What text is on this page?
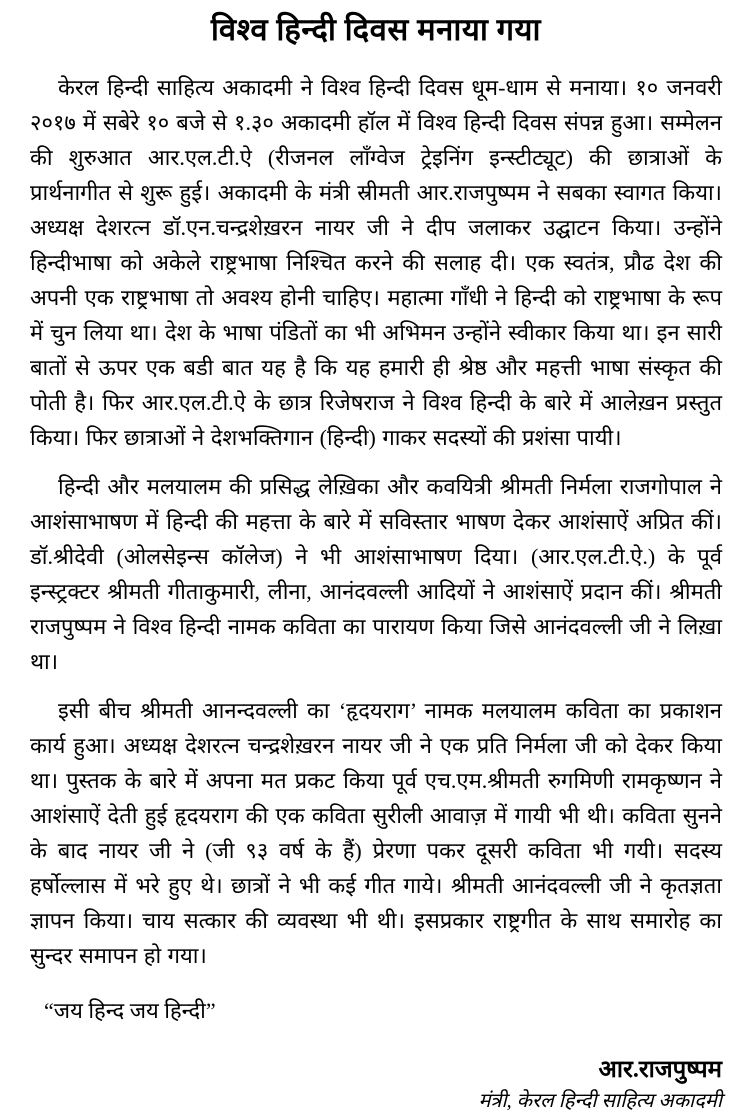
विश्व हिन्दी दिवस मनाया गया

केरल हिन्दी साहित्य अकादमी ने विश्व हिन्दी दिवस धूम-धाम से मनाया। १० जनवरी २०१७ में सबेरे १० बजे से १.३० अकादमी हॉल में विश्व हिन्दी दिवस संपन्न हुआ। सम्मेलन की शुरुआत आर.एल.टी.ऐ (रीजनल लाँग्वेज ट्रेइनिंग इन्स्टीट्यूट) की छात्राओं के प्रार्थनागीत से शुरू हुई। अकादमी के मंत्री स्रीमती आर.राजपुष्पम ने सबका स्वागत किया। अध्यक्ष देशरत्न डॉ.एन.चन्द्रशेख़रन नायर जी ने दीप जलाकर उद्घाटन किया। उन्होंने हिन्दीभाषा को अकेले राष्ट्रभाषा निश्चित करने की सलाह दी। एक स्वतंत्र, प्रौढ देश की अपनी एक राष्ट्रभाषा तो अवश्य होनी चाहिए। महात्मा गाँधी ने हिन्दी को राष्ट्रभाषा के रूप में चुन लिया था। देश के भाषा पंडितों का भी अभिमन उन्होंने स्वीकार किया था। इन सारी बातों से ऊपर एक बडी बात यह है कि यह हमारी ही श्रेष्ठ और महत्ती भाषा संस्कृत की पोती है। फिर आर.एल.टी.ऐ के छात्र रिजेषराज ने विश्व हिन्दी के बारे में आलेख़न प्रस्तुत किया। फिर छात्राओं ने देशभक्तिगान (हिन्दी) गाकर सदस्यों की प्रशंसा पायी।

हिन्दी और मलयालम की प्रसिद्ध लेख़िका और कवयित्री श्रीमती निर्मला राजगोपाल ने आशंसाभाषण में हिन्दी की महत्ता के बारे में सविस्तार भाषण देकर आशंसाऐं अप्रित कीं। डॉ.श्रीदेवी (ओलसेइन्स कॉलेज) ने भी आशंसाभाषण दिया। (आर.एल.टी.ऐ.) के पूर्व इन्स्ट्रक्टर श्रीमती गीताकुमारी, लीना, आनंदवल्ली आदियों ने आशंसाऐं प्रदान कीं। श्रीमती राजपुष्पम ने विश्व हिन्दी नामक कविता का पारायण किया जिसे आनंदवल्ली जी ने लिख़ा था।

इसी बीच श्रीमती आनन्दवल्ली का ‘हृदयराग’ नामक मलयालम कविता का प्रकाशन कार्य हुआ। अध्यक्ष देशरत्न चन्द्रशेख़रन नायर जी ने एक प्रति निर्मला जी को देकर किया था। पुस्तक के बारे में अपना मत प्रकट किया पूर्व एच.एम.श्रीमती रुगमिणी रामकृष्णन ने आशंसाऐं देती हुई हृदयराग की एक कविता सुरीली आवाज़ में गायी भी थी। कविता सुनने के बाद नायर जी ने (जी ९३ वर्ष के हैं) प्रेरणा पकर दूसरी कविता भी गयी। सदस्य हर्षोल्लास में भरे हुए थे। छात्रों ने भी कई गीत गाये। श्रीमती आनंदवल्ली जी ने कृतज्ञता ज्ञापन किया। चाय सत्कार की व्यवस्था भी थी। इसप्रकार राष्ट्रगीत के साथ समारोह का सुन्दर समापन हो गया।

“जय हिन्द जय हिन्दी”

आर.राजपुष्पम
मंत्री, केरल हिन्दी साहित्य अकादमी
